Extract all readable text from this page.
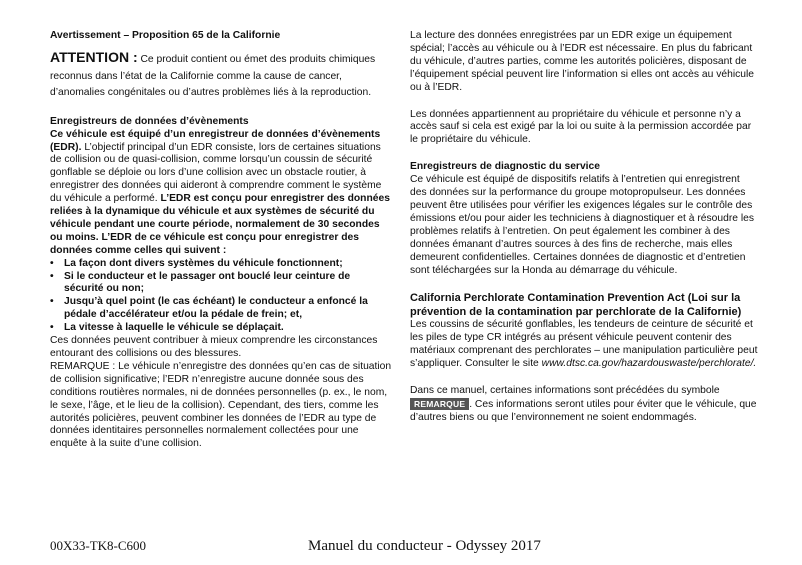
Avertissement – Proposition 65 de la Californie

ATTENTION : Ce produit contient ou émet des produits chimiques reconnus dans l’état de la Californie comme la cause de cancer, d’anomalies congénitales ou d’autres problèmes liés à la reproduction.

Enregistreurs de données d’évènements

Ce véhicule est équipé d’un enregistreur de données d’évènements (EDR). L’objectif principal d’un EDR consiste, lors de certaines situations de collision ou de quasi-collision, comme lorsqu’un coussin de sécurité gonflable se déploie ou lors d’une collision avec un obstacle routier, à enregistrer des données qui aideront à comprendre comment le système du véhicule a performé. L’EDR est conçu pour enregistrer des données reliées à la dynamique du véhicule et aux systèmes de sécurité du véhicule pendant une courte période, normalement de 30 secondes ou moins. L’EDR de ce véhicule est conçu pour enregistrer des données comme celles qui suivent :

• La façon dont divers systèmes du véhicule fonctionnent;
• Si le conducteur et le passager ont bouclé leur ceinture de sécurité ou non;
• Jusqu’à quel point (le cas échéant) le conducteur a enfoncé la pédale d’accélérateur et/ou la pédale de frein; et,
• La vitesse à laquelle le véhicule se déplaçait.

Ces données peuvent contribuer à mieux comprendre les circonstances entourant des collisions ou des blessures.

REMARQUE : Le véhicule n’enregistre des données qu’en cas de situation de collision significative; l’EDR n’enregistre aucune donnée sous des conditions routières normales, ni de données personnelles (p. ex., le nom, le sexe, l’âge, et le lieu de la collision). Cependant, des tiers, comme les autorités policières, peuvent combiner les données de l’EDR au type de données identitaires personnelles normalement collectées pour une enquête à la suite d’une collision.

La lecture des données enregistrées par un EDR exige un équipement spécial; l’accès au véhicule ou à l’EDR est nécessaire. En plus du fabricant du véhicule, d’autres parties, comme les autorités policières, disposant de l’équipement spécial peuvent lire l’information si elles ont accès au véhicule ou à l’EDR.

Les données appartiennent au propriétaire du véhicule et personne n’y a accès sauf si cela est exigé par la loi ou suite à la permission accordée par le propriétaire du véhicule.

Enregistreurs de diagnostic du service

Ce véhicule est équipé de dispositifs relatifs à l’entretien qui enregistrent des données sur la performance du groupe motopropulseur. Les données peuvent être utilisées pour vérifier les exigences légales sur le contrôle des émissions et/ou pour aider les techniciens à diagnostiquer et à résoudre les problèmes relatifs à l’entretien. On peut également les combiner à des données émanant d’autres sources à des fins de recherche, mais elles demeurent confidentielles. Certaines données de diagnostic et d’entretien sont téléchargées sur la Honda au démarrage du véhicule.

California Perchlorate Contamination Prevention Act (Loi sur la prévention de la contamination par perchlorate de la Californie)

Les coussins de sécurité gonflables, les tendeurs de ceinture de sécurité et les piles de type CR intégrés au présent véhicule peuvent contenir des matériaux comprenant des perchlorates – une manipulation particulière peut s’appliquer. Consulter le site www.dtsc.ca.gov/hazardouswaste/perchlorate/.

Dans ce manuel, certaines informations sont précédées du symbole REMARQUE . Ces informations seront utiles pour éviter que le véhicule, que d’autres biens ou que l’environnement ne soient endommagés.

00X33-TK8-C600	Manuel du conducteur - Odyssey 2017
